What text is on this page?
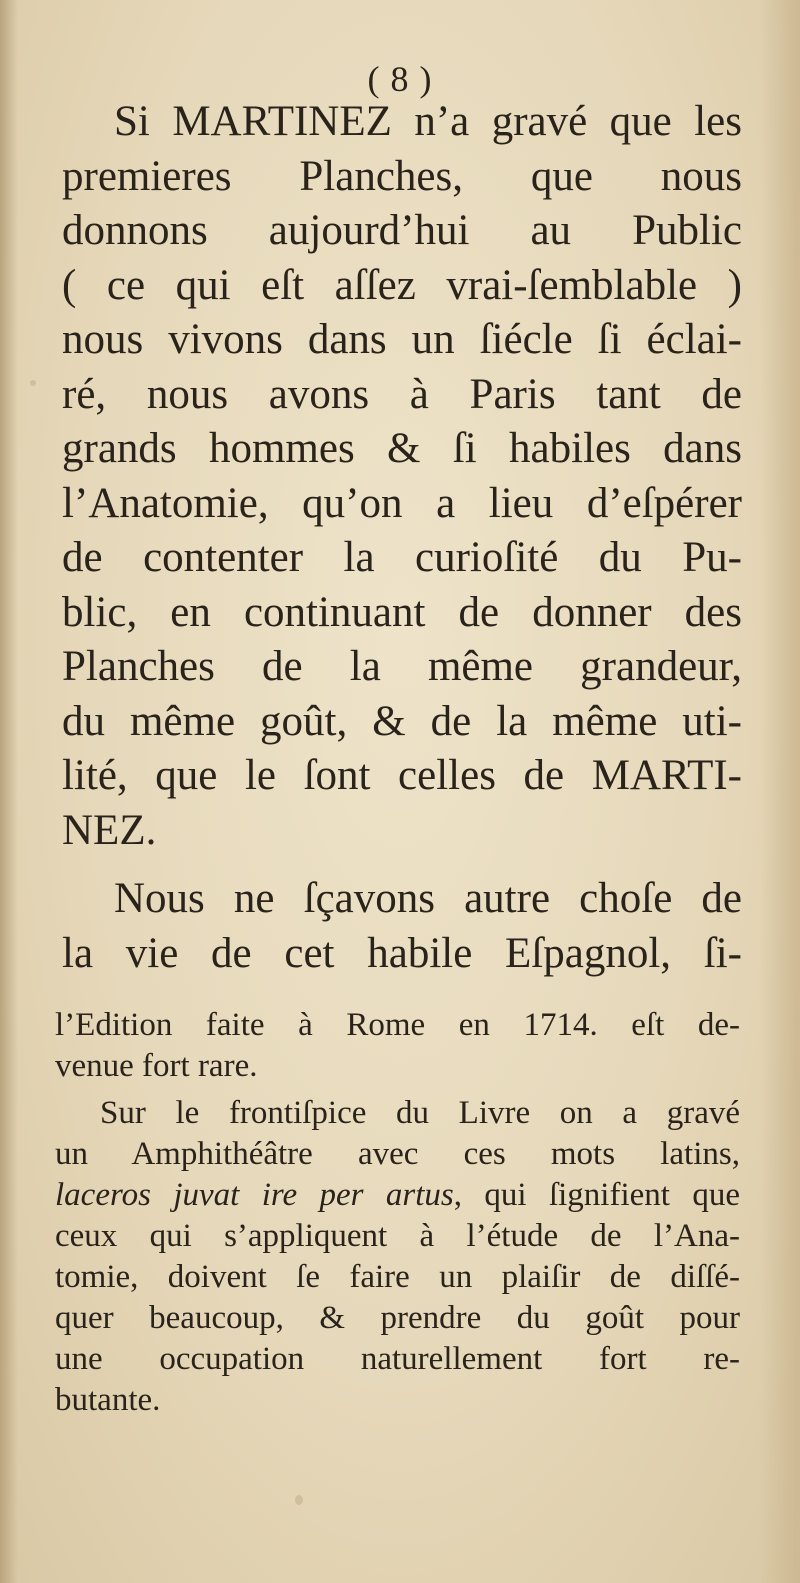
( 8 )
Si MARTINEZ n’a gravé que les
premieres Planches, que nous
donnons aujourd’hui au Public
( ce qui eſt aſſez vrai-ſemblable )
nous vivons dans un ſiécle ſi éclai-
ré, nous avons à Paris tant de
grands hommes & ſi habiles dans
l’Anatomie, qu’on a lieu d’eſpérer
de contenter la curioſité du Pu-
blic, en continuant de donner des
Planches de la même grandeur,
du même goût, & de la même uti-
lité, que le ſont celles de MARTI-
NEZ.
Nous ne ſçavons autre choſe de
la vie de cet habile Eſpagnol, ſi-
l’Edition faite à Rome en 1714. eſt de-
venue fort rare.
Sur le frontiſpice du Livre on a gravé
un Amphithéâtre avec ces mots latins,
laceros juvat ire per artus, qui ſignifient que
ceux qui s’appliquent à l’étude de l’Ana-
tomie, doivent ſe faire un plaiſir de diſſé-
quer beaucoup, & prendre du goût pour
une occupation naturellement fort re-
butante.
